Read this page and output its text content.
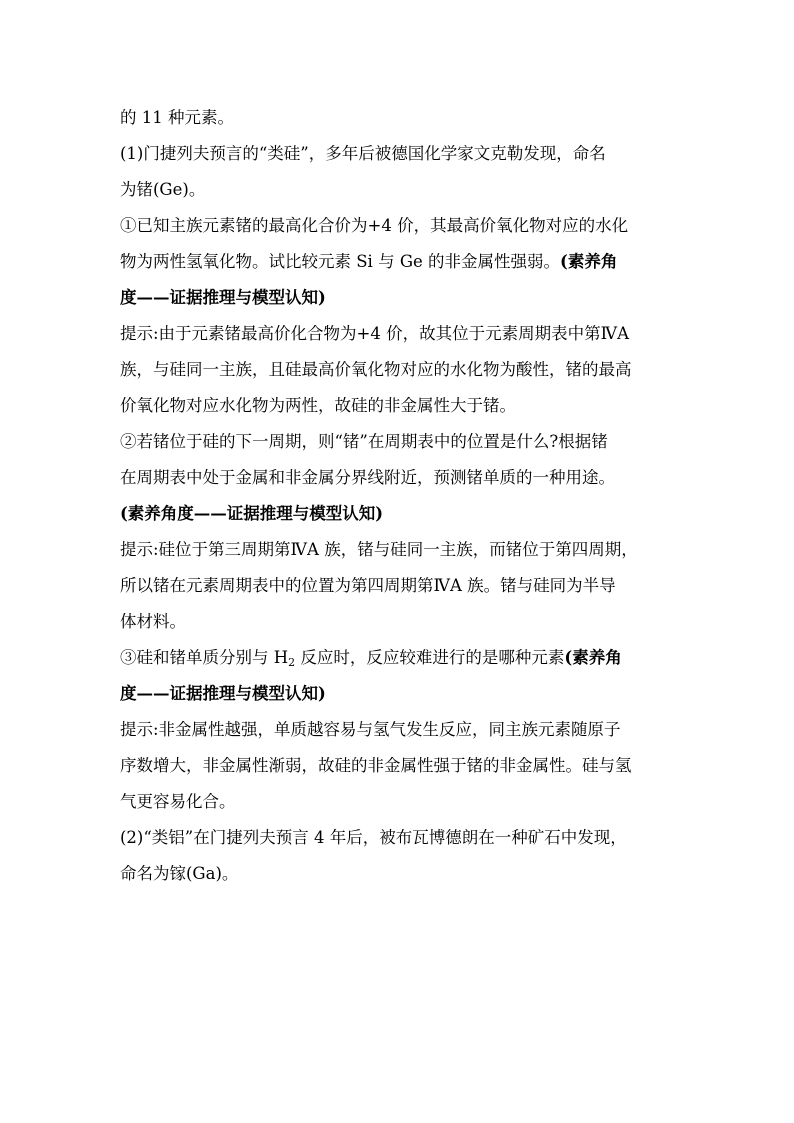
的 11 种元素。
(1)门捷列夫预言的“类硅”，多年后被德国化学家文克勒发现，命名
为锗(Ge)。
①已知主族元素锗的最高化合价为+4 价，其最高价氧化物对应的水化
物为两性氢氧化物。试比较元素 Si 与 Ge 的非金属性强弱。(素养角
度——证据推理与模型认知)
提示:由于元素锗最高价化合物为+4 价，故其位于元素周期表中第ⅣA
族，与硅同一主族，且硅最高价氧化物对应的水化物为酸性，锗的最高
价氧化物对应水化物为两性，故硅的非金属性大于锗。
②若锗位于硅的下一周期，则“锗”在周期表中的位置是什么?根据锗
在周期表中处于金属和非金属分界线附近，预测锗单质的一种用途。
(素养角度——证据推理与模型认知)
提示:硅位于第三周期第ⅣA 族，锗与硅同一主族，而锗位于第四周期，
所以锗在元素周期表中的位置为第四周期第ⅣA 族。锗与硅同为半导
体材料。
③硅和锗单质分别与 $H_2$ 反应时，反应较难进行的是哪种元素(素养角
度——证据推理与模型认知)
提示:非金属性越强，单质越容易与氢气发生反应，同主族元素随原子
序数增大，非金属性渐弱，故硅的非金属性强于锗的非金属性。硅与氢
气更容易化合。
(2)“类铝”在门捷列夫预言 4 年后，被布瓦博德朗在一种矿石中发现，
命名为镓(Ga)。
